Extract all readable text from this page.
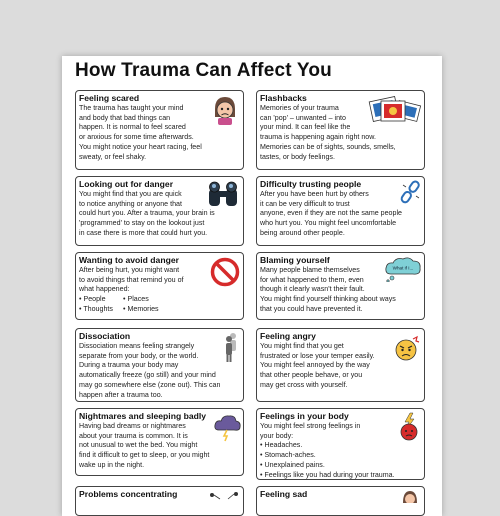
How Trauma Can Affect You
Feeling scared
The trauma has taught your mind
and body that bad things can
happen. It is normal to feel scared
or anxious for some time afterwards.
You might notice your heart racing, feel
sweaty, or feel shaky.
Flashbacks
Memories of your trauma
can 'pop' – unwanted – into
your mind. It can feel like the
trauma is happening again right now.
Memories can be of sights, sounds, smells,
tastes, or body feelings.
Looking out for danger
You might find that you are quick
to notice anything or anyone that
could hurt you. After a trauma, your brain is
'programmed' to stay on the lookout just
in case there is more that could hurt you.
Difficulty trusting people
After you have been hurt by others
it can be very difficult to trust
anyone, even if they are not the same people
who hurt you. You might feel uncomfortable
being around other people.
Wanting to avoid danger
After being hurt, you might want
to avoid things that remind you of
what happened:
• People	• Places
• Thoughts • Memories
Blaming yourself
Many people blame themselves
for what happened to them, even
though it clearly wasn't their fault.
You might find yourself thinking about ways
that you could have prevented it.
What if I...
Dissociation
Dissociation means feeling strangely
separate from your body, or the world.
During a trauma your body may
automatically freeze (go still) and your mind
may go somewhere else (zone out). This can
happen after a trauma too.
Feeling angry
You might find that you get
frustrated or lose your temper easily.
You might feel annoyed by the way
that other people behave, or you
may get cross with yourself.
Nightmares and sleeping badly
Having bad dreams or nightmares
about your trauma is common. It is
not unusual to wet the bed. You might
find it difficult to get to sleep, or you might
wake up in the night.
Feelings in your body
You might feel strong feelings in
your body:
• Headaches.
• Stomach-aches.
• Unexplained pains.
• Feelings like you had during your trauma.
Problems concentrating	Feeling sad
